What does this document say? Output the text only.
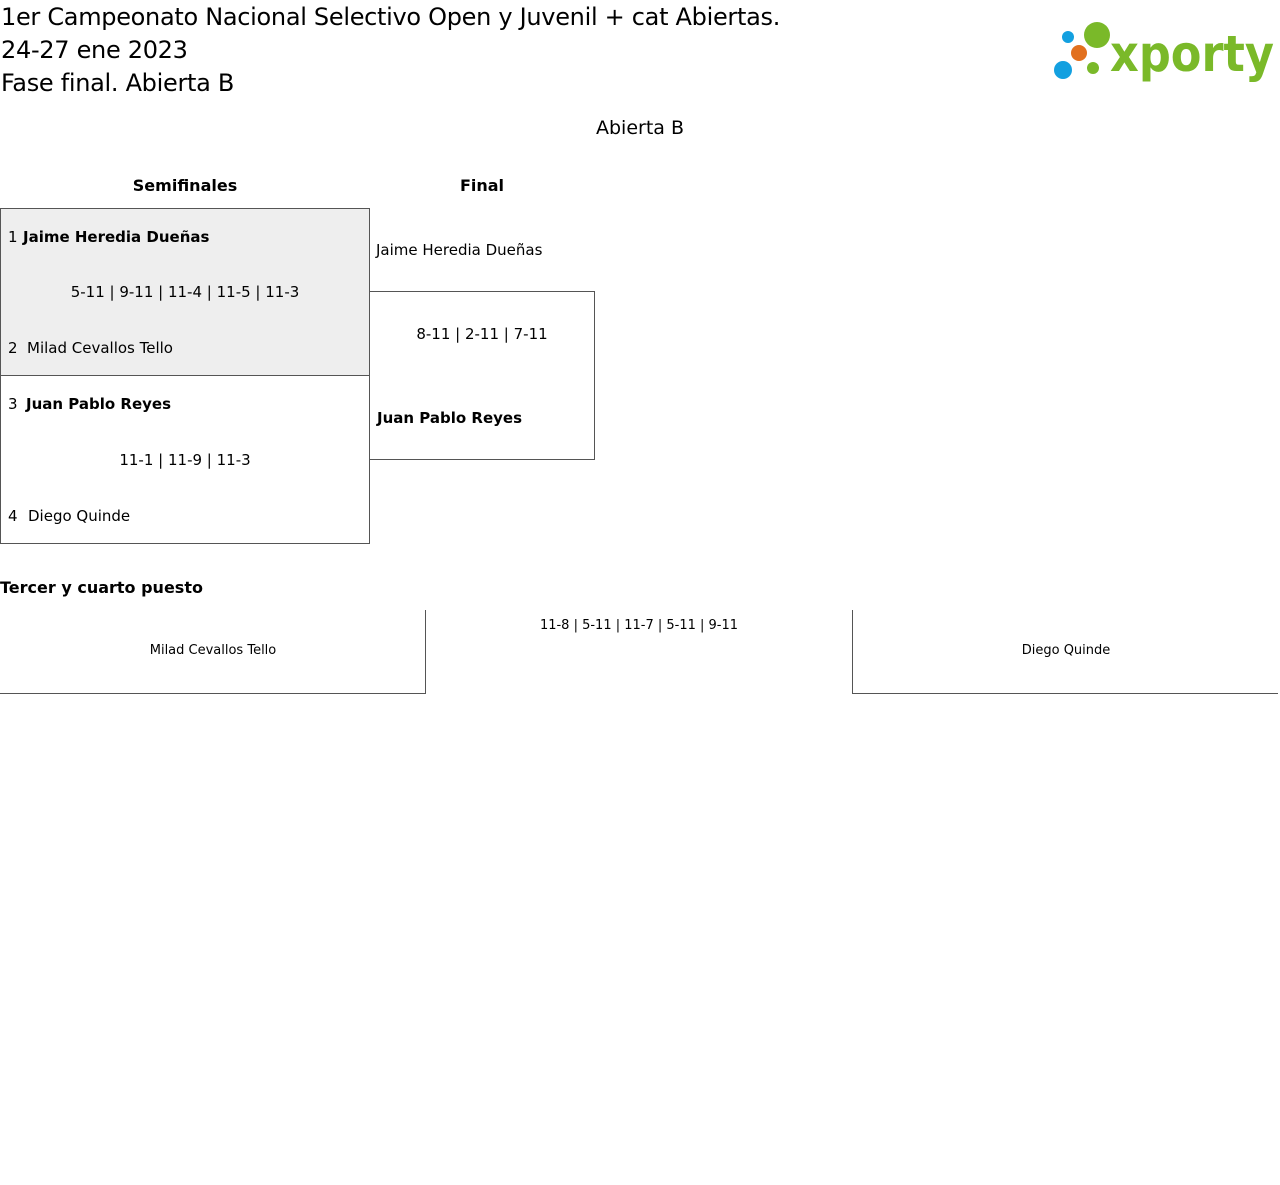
1er Campeonato Nacional Selectivo Open y Juvenil + cat Abiertas.
24-27 ene 2023
Fase final. Abierta B	xporty
Abierta B
Semifinales	Final
1 Jaime Heredia Dueñas
5-11 | 9-11 | 11-4 | 11-5 | 11-3
2 Milad Cevallos Tello
3 Juan Pablo Reyes
11-1 | 11-9 | 11-3
4 Diego Quinde
Jaime Heredia Dueñas
8-11 | 2-11 | 7-11
Juan Pablo Reyes
Tercer y cuarto puesto
Milad Cevallos Tello
11-8 | 5-11 | 11-7 | 5-11 | 9-11
Diego Quinde
